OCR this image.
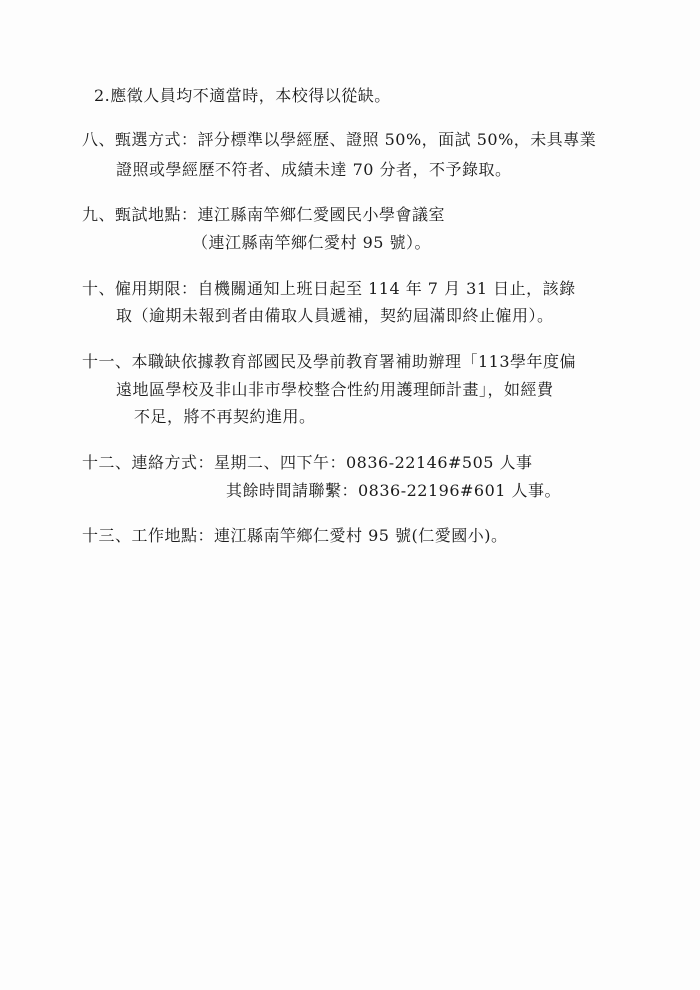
2.應徵人員均不適當時，本校得以從缺。
八、甄選方式：評分標準以學經歷、證照 50%，面試 50%，未具專業
證照或學經歷不符者、成績未達 70 分者，不予錄取。
九、甄試地點：連江縣南竿鄉仁愛國民小學會議室
（連江縣南竿鄉仁愛村 95 號）。
十、僱用期限：自機關通知上班日起至 114 年 7 月 31 日止，該錄
取（逾期未報到者由備取人員遞補，契約屆滿即終止僱用）。
十一、本職缺依據教育部國民及學前教育署補助辦理「113學年度偏
遠地區學校及非山非市學校整合性約用護理師計畫」，如經費
不足，將不再契約進用。
十二、連絡方式：星期二、四下午：0836-22146#505 人事
其餘時間請聯繫：0836-22196#601 人事。
十三、工作地點：連江縣南竿鄉仁愛村 95 號(仁愛國小)。
